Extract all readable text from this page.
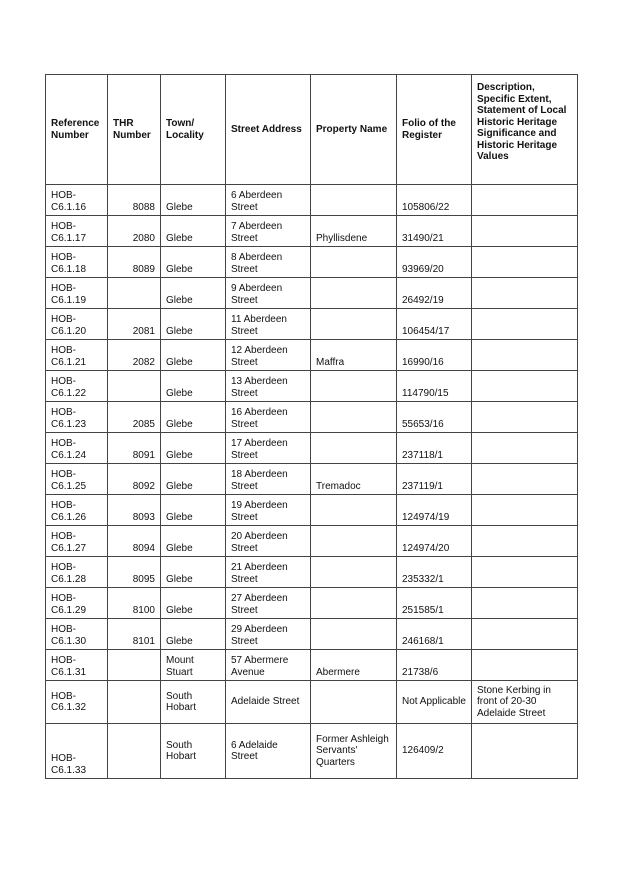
Reference Number	THR Number	Town/ Locality	Street Address	Property Name	Folio of the Register	Description, Specific Extent, Statement of Local Historic Heritage Significance and Historic Heritage Values
HOB-C6.1.16	8088	Glebe	6 Aberdeen Street		105806/22	
HOB-C6.1.17	2080	Glebe	7 Aberdeen Street	Phyllisdene	31490/21	
HOB-C6.1.18	8089	Glebe	8 Aberdeen Street		93969/20	
HOB-C6.1.19		Glebe	9 Aberdeen Street		26492/19	
HOB-C6.1.20	2081	Glebe	11 Aberdeen Street		106454/17	
HOB-C6.1.21	2082	Glebe	12 Aberdeen Street	Maffra	16990/16	
HOB-C6.1.22		Glebe	13 Aberdeen Street		114790/15	
HOB-C6.1.23	2085	Glebe	16 Aberdeen Street		55653/16	
HOB-C6.1.24	8091	Glebe	17 Aberdeen Street		237118/1	
HOB-C6.1.25	8092	Glebe	18 Aberdeen Street	Tremadoc	237119/1	
HOB-C6.1.26	8093	Glebe	19 Aberdeen Street		124974/19	
HOB-C6.1.27	8094	Glebe	20 Aberdeen Street		124974/20	
HOB-C6.1.28	8095	Glebe	21 Aberdeen Street		235332/1	
HOB-C6.1.29	8100	Glebe	27 Aberdeen Street		251585/1	
HOB-C6.1.30	8101	Glebe	29 Aberdeen Street		246168/1	
HOB-C6.1.31		Mount Stuart	57 Abermere Avenue	Abermere	21738/6	
HOB-C6.1.32		South Hobart	Adelaide Street		Not Applicable	Stone Kerbing in front of 20-30 Adelaide Street
HOB-C6.1.33		South Hobart	6 Adelaide Street	Former Ashleigh Servants' Quarters	126409/2	
